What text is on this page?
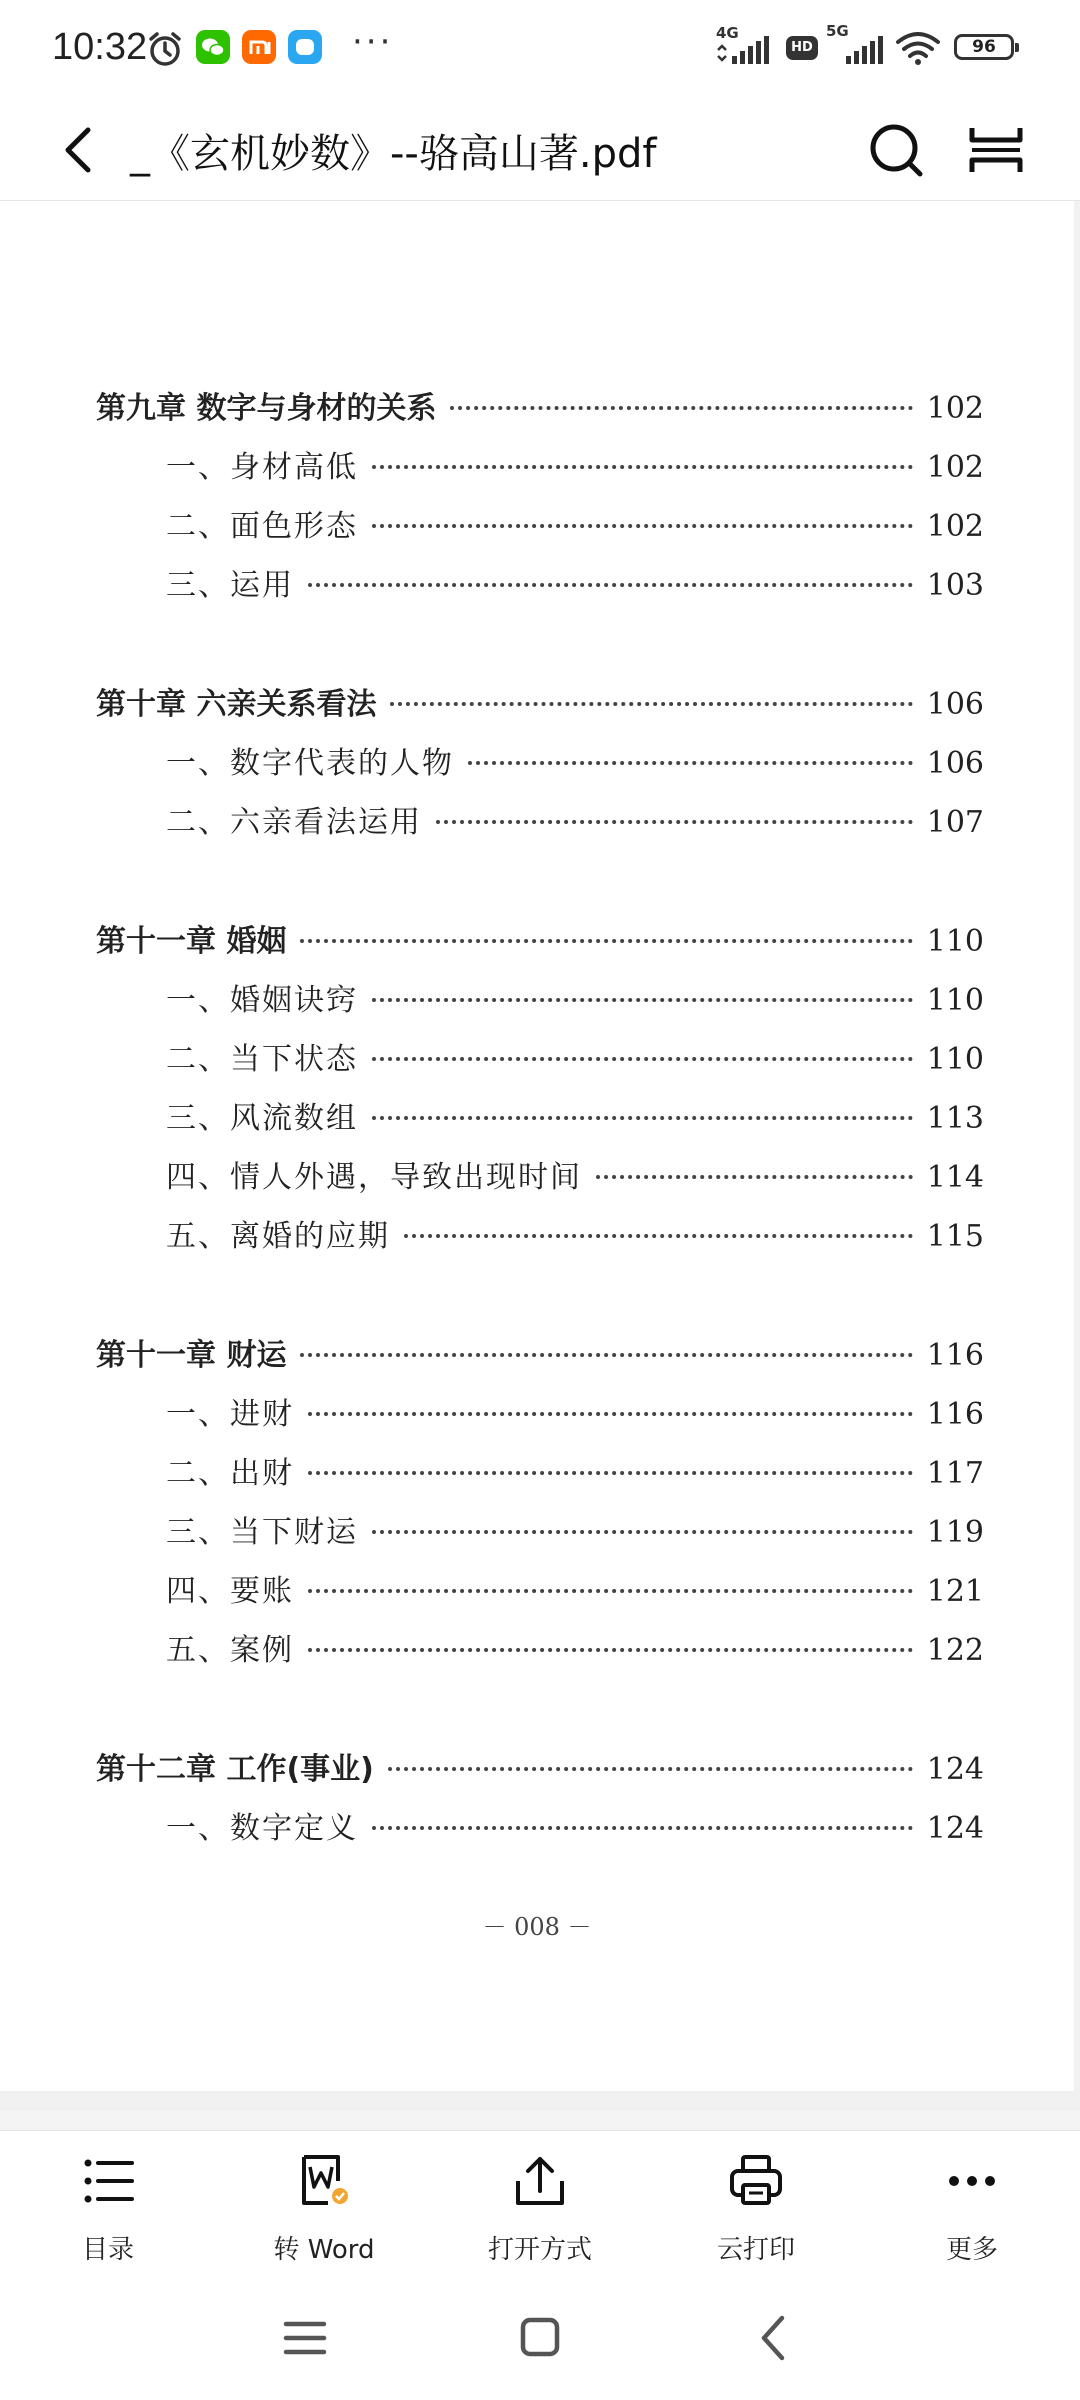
10:32	···	4G
HD
5G
96
_《玄机妙数》--骆高山著.pdf
第九章 数字与身材的关系	102
一、身材高低	102
二、面色形态	102
三、运用	103
第十章 六亲关系看法	106
一、数字代表的人物	106
二、六亲看法运用	107
第十一章 婚姻	110
一、婚姻诀窍	110
二、当下状态	110
三、风流数组	113
四、情人外遇，导致出现时间	114
五、离婚的应期	115
第十一章 财运	116
一、进财	116
二、出财	117
三、当下财运	119
四、要账	121
五、案例	122
第十二章 工作(事业)	124
一、数字定义	124
－ 008 －
目录	转 Word	打开方式	云打印	更多
